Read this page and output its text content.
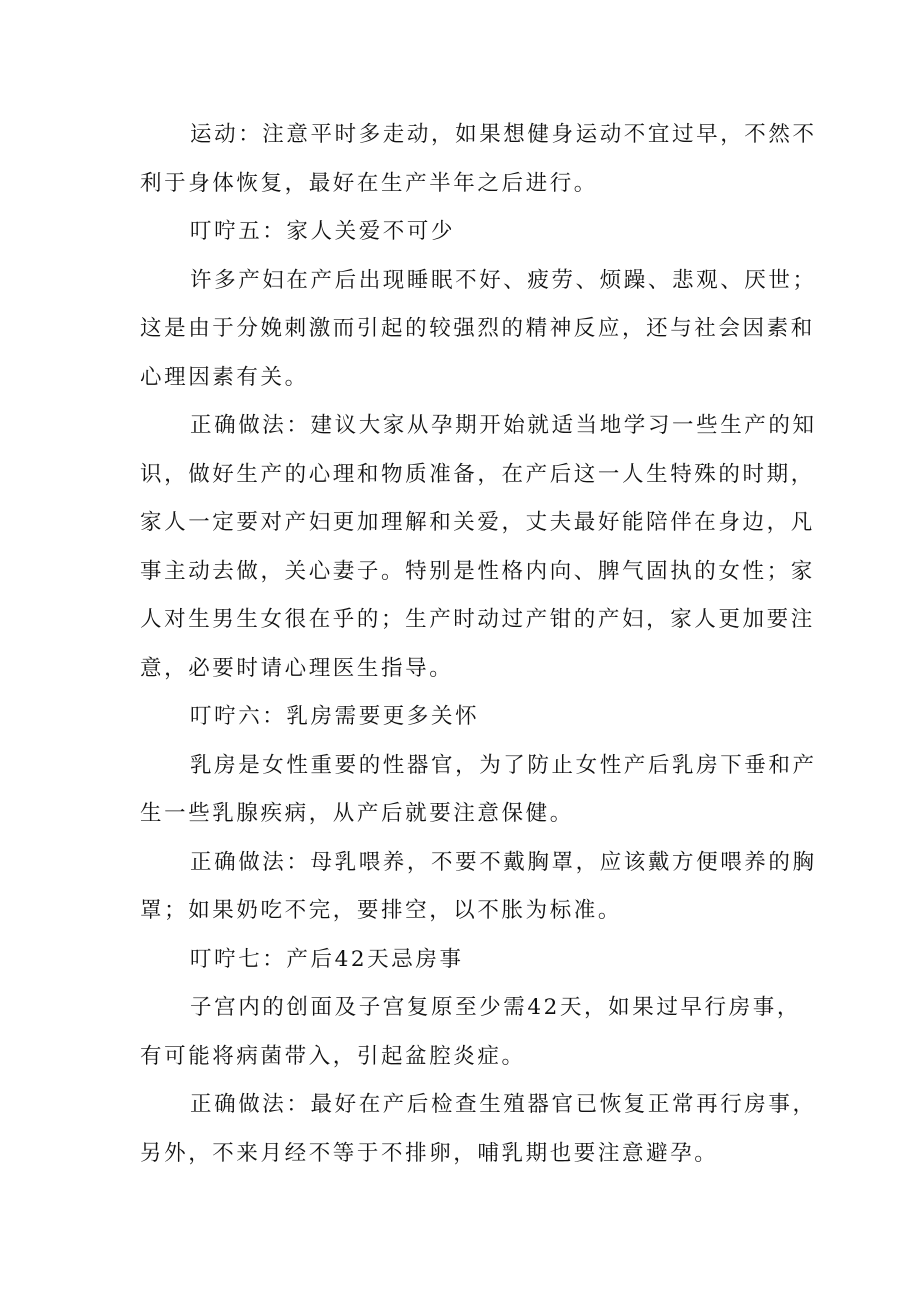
运动：注意平时多走动，如果想健身运动不宜过早，不然不
利于身体恢复，最好在生产半年之后进行。

叮咛五：家人关爱不可少

许多产妇在产后出现睡眠不好、疲劳、烦躁、悲观、厌世；
这是由于分娩刺激而引起的较强烈的精神反应，还与社会因素和
心理因素有关。

正确做法：建议大家从孕期开始就适当地学习一些生产的知
识，做好生产的心理和物质准备，在产后这一人生特殊的时期，
家人一定要对产妇更加理解和关爱，丈夫最好能陪伴在身边，凡
事主动去做，关心妻子。特别是性格内向、脾气固执的女性；家
人对生男生女很在乎的；生产时动过产钳的产妇，家人更加要注
意，必要时请心理医生指导。

叮咛六：乳房需要更多关怀

乳房是女性重要的性器官，为了防止女性产后乳房下垂和产
生一些乳腺疾病，从产后就要注意保健。

正确做法：母乳喂养，不要不戴胸罩，应该戴方便喂养的胸
罩；如果奶吃不完，要排空，以不胀为标准。

叮咛七：产后42天忌房事

子宫内的创面及子宫复原至少需42天，如果过早行房事，
有可能将病菌带入，引起盆腔炎症。

正确做法：最好在产后检查生殖器官已恢复正常再行房事，
另外，不来月经不等于不排卵，哺乳期也要注意避孕。
